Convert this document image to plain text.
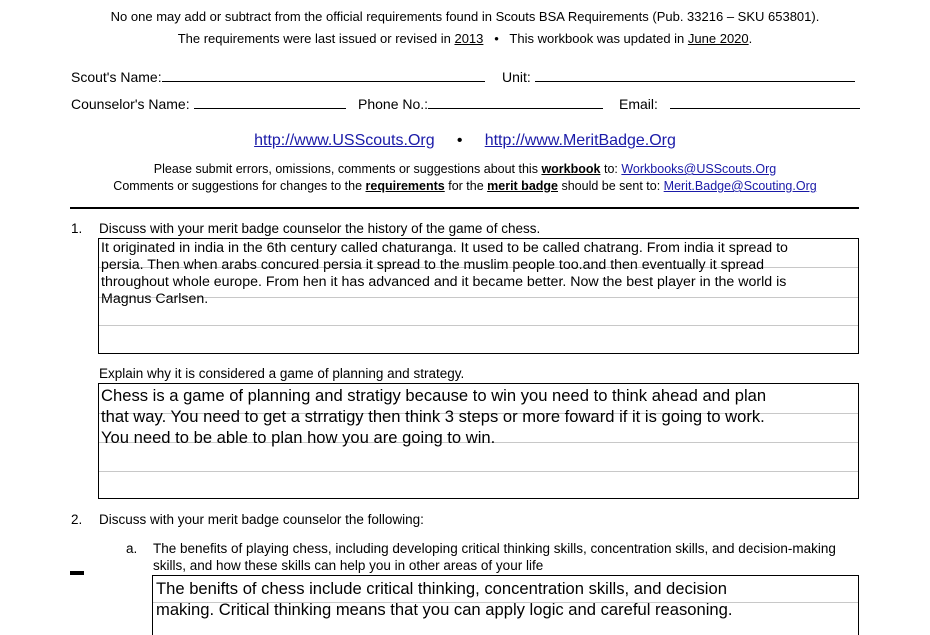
No one may add or subtract from the official requirements found in Scouts BSA Requirements (Pub. 33216 – SKU 653801).
The requirements were last issued or revised in 2013 • This workbook was updated in June 2020.
Scout's Name:	Unit:
Counselor's Name:	Phone No.:	Email:
http://www.USScouts.Org • http://www.MeritBadge.Org
Please submit errors, omissions, comments or suggestions about this workbook to: Workbooks@USScouts.Org
Comments or suggestions for changes to the requirements for the merit badge should be sent to: Merit.Badge@Scouting.Org
1. Discuss with your merit badge counselor the history of the game of chess.
It originated in india in the 6th century called chaturanga. It used to be called chatrang. From india it spread to
persia. Then when arabs concured persia it spread to the muslim people too.and then eventually it spread
throughout whole europe. From hen it has advanced and it became better. Now the best player in the world is
Magnus Carlsen.
Explain why it is considered a game of planning and strategy.
Chess is a game of planning and stratigy because to win you need to think ahead and plan
that way. You need to get a strratigy then think 3 steps or more foward if it is going to work.
You need to be able to plan how you are going to win.
2. Discuss with your merit badge counselor the following:
a. The benefits of playing chess, including developing critical thinking skills, concentration skills, and decision-making
skills, and how these skills can help you in other areas of your life
The benifts of chess include critical thinking, concentration skills, and decision
making. Critical thinking means that you can apply logic and careful reasoning.
